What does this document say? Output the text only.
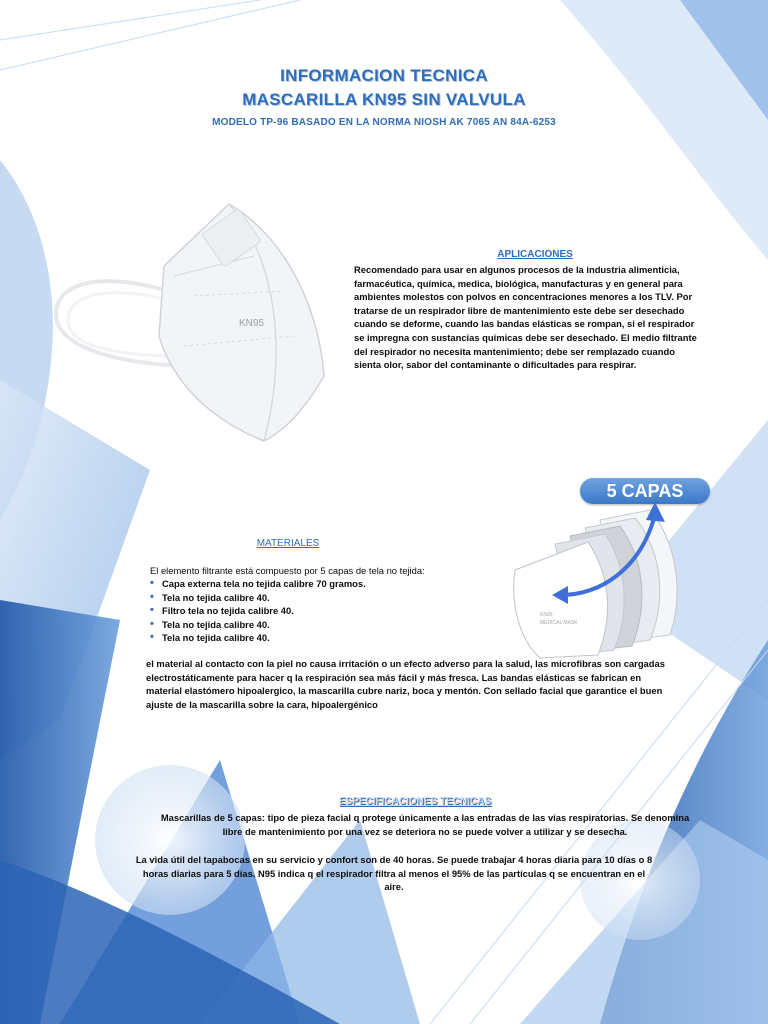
INFORMACION TECNICA
MASCARILLA KN95 SIN VALVULA
MODELO TP-96 BASADO EN LA NORMA NIOSH AK 7065 AN 84A-6253
KN95
APLICACIONES
Recomendado para usar en algunos procesos de la industria alimenticia, farmacéutica, química, medica, biológica, manufacturas y en general para ambientes molestos con polvos en concentraciones menores a los TLV. Por tratarse de un respirador libre de mantenimiento este debe ser desechado cuando se deforme, cuando las bandas elásticas se rompan, si el respirador se impregna con sustancias químicas debe ser desechado. El medio filtrante del respirador no necesita mantenimiento; debe ser remplazado cuando sienta olor, sabor del contaminante o dificultades para respirar.
5 CAPAS
KN95
MEDICAL MASK
MATERIALES
El elemento filtrante está compuesto por 5 capas de tela no tejida:
• Capa externa tela no tejida calibre 70 gramos.
• Tela no tejida calibre 40.
• Filtro tela no tejida calibre 40.
• Tela no tejida calibre 40.
• Tela no tejida calibre 40.
el material al contacto con la piel no causa irritación o un efecto adverso para la salud, las microfibras son cargadas electrostáticamente para hacer q la respiración sea más fácil y más fresca. Las bandas elásticas se fabrican en material elastómero hipoalergico, la mascarilla cubre nariz, boca y mentón. Con sellado facial que garantice el buen ajuste de la mascarilla sobre la cara, hipoalergénico
ESPECIFICACIONES TECNICAS
Mascarillas de 5 capas: tipo de pieza facial q protege únicamente a las entradas de las vías respiratorias. Se denomina libre de mantenimiento por una vez se deteriora no se puede volver a utilizar y se desecha.
La vida útil del tapabocas en su servicio y confort son de 40 horas. Se puede trabajar 4 horas diaria para 10 días o 8 horas diarias para 5 días. N95 indica q el respirador filtra al menos el 95% de las partículas q se encuentran en el aire.
